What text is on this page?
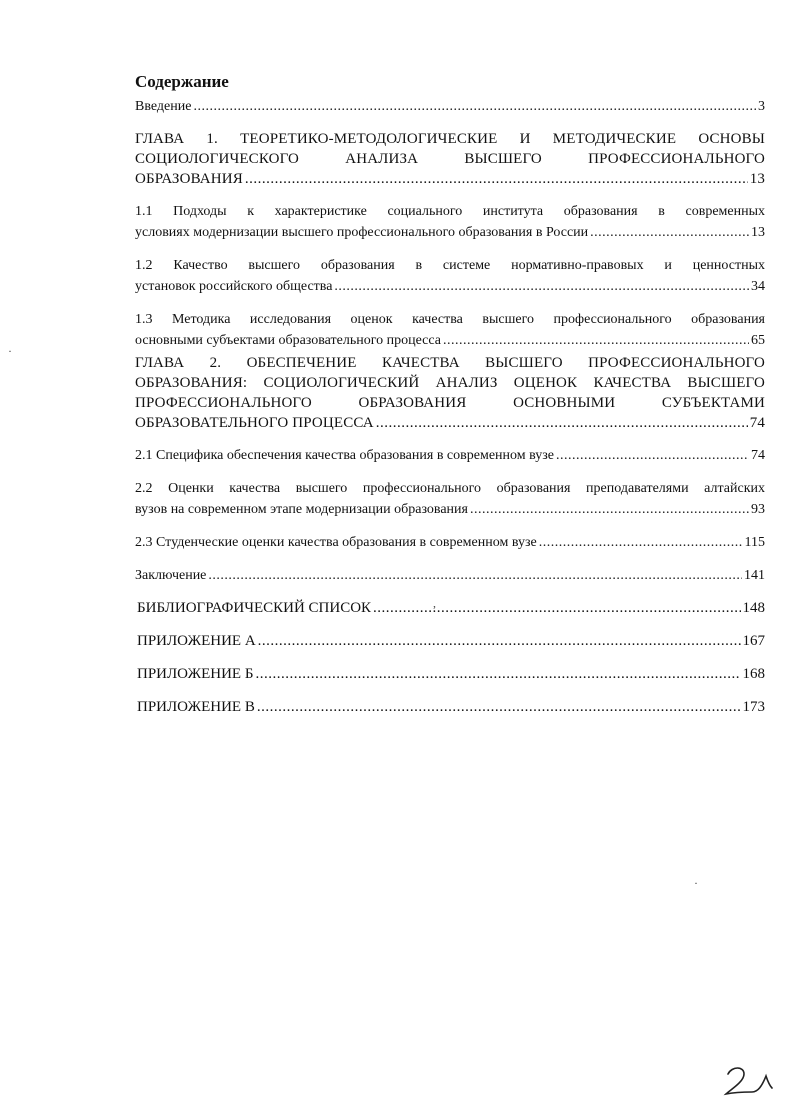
Содержание
Введение .....	3
ГЛАВА 1. ТЕОРЕТИКО-МЕТОДОЛОГИЧЕСКИЕ И МЕТОДИЧЕСКИЕ ОСНОВЫ
СОЦИОЛОГИЧЕСКОГО АНАЛИЗА ВЫСШЕГО ПРОФЕССИОНАЛЬНОГО
ОБРАЗОВАНИЯ .....	13
1.1 Подходы к характеристике социального института образования в современных
условиях модернизации высшего профессионального образования в России .....	13
1.2 Качество высшего образования в системе нормативно-правовых и ценностных
установок российского общества .....	34
1.3 Методика исследования оценок качества высшего профессионального образования
основными субъектами образовательного процесса .....	65
ГЛАВА 2. ОБЕСПЕЧЕНИЕ КАЧЕСТВА ВЫСШЕГО ПРОФЕССИОНАЛЬНОГО
ОБРАЗОВАНИЯ: СОЦИОЛОГИЧЕСКИЙ АНАЛИЗ ОЦЕНОК КАЧЕСТВА ВЫСШЕГО
ПРОФЕССИОНАЛЬНОГО ОБРАЗОВАНИЯ ОСНОВНЫМИ СУБЪЕКТАМИ
ОБРАЗОВАТЕЛЬНОГО ПРОЦЕССА .....	74
2.1 Специфика обеспечения качества образования в современном вузе .....	74
2.2 Оценки качества высшего профессионального образования преподавателями алтайских
вузов на современном этапе модернизации образования .....	93
2.3 Студенческие оценки качества образования в современном вузе .....	115
Заключение .....	141
БИБЛИОГРАФИЧЕСКИЙ СПИСОК .....	148
ПРИЛОЖЕНИЕ А .....	167
ПРИЛОЖЕНИЕ Б .....	168
ПРИЛОЖЕНИЕ В .....	173
·
,
·
